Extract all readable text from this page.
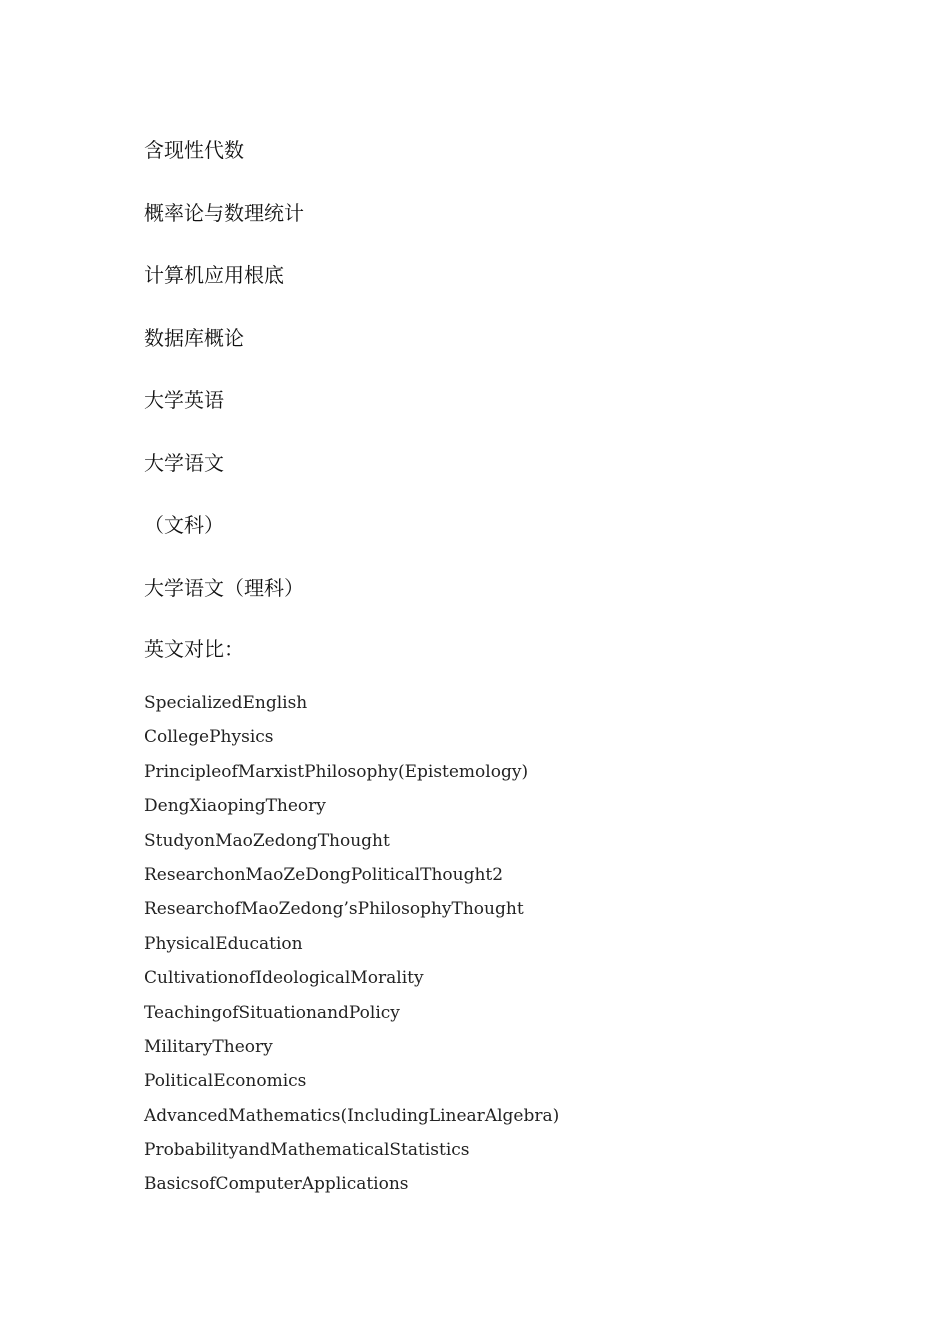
含现性代数
概率论与数理统计
计算机应用根底
数据库概论
大学英语
大学语文
（文科）
大学语文（理科）
英文对比：
SpecializedEnglish
CollegePhysics
PrincipleofMarxistPhilosophy(Epistemology)
DengXiaopingTheory
StudyonMaoZedongThought
ResearchonMaoZeDongPoliticalThought2
ResearchofMaoZedong’sPhilosophyThought
PhysicalEducation
CultivationofIdeologicalMorality
TeachingofSituationandPolicy
MilitaryTheory
PoliticalEconomics
AdvancedMathematics(IncludingLinearAlgebra)
ProbabilityandMathematicalStatistics
BasicsofComputerApplications
